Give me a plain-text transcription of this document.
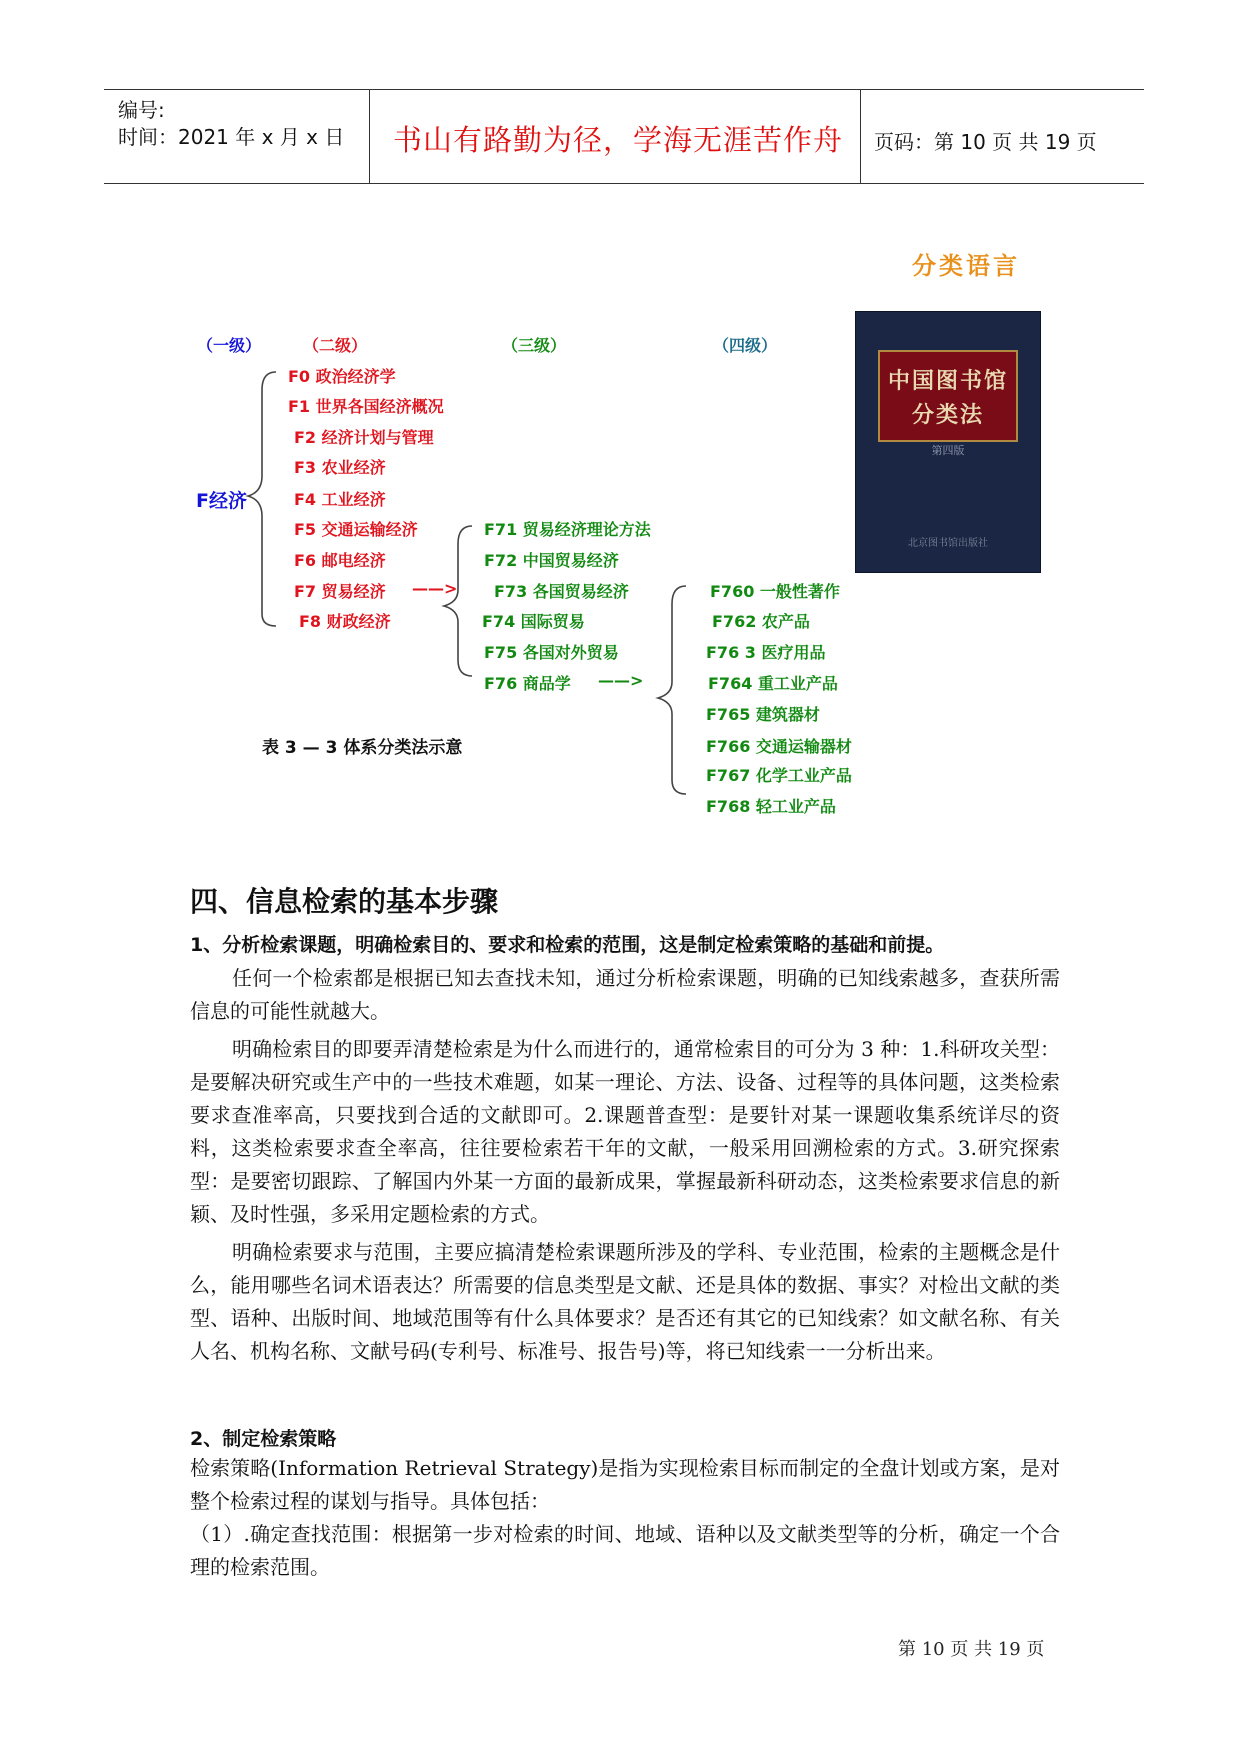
编号:
时间：2021 年 x 月 x 日 书山有路勤为径，学海无涯苦作舟 页码：第 10 页 共 19 页
分类语言
（一级）	（二级）	（三级）	（四级）
F经济
F0 政治经济学
F1 世界各国经济概况
F2 经济计划与管理
F3 农业经济
F4 工业经济
F5 交通运输经济
F6 邮电经济
F7 贸易经济 ——>
F8 财政经济
F71 贸易经济理论方法
F72 中国贸易经济
F73 各国贸易经济
F74 国际贸易
F75 各国对外贸易
F76 商品学 ——>
F760 一般性著作
F762 农产品
F76 3 医疗用品
F764 重工业产品
F765 建筑器材
F766 交通运输器材
F767 化学工业产品
F768 轻工业产品
表 3 — 3 体系分类法示意
中国图书馆
分类法
第四版
北京图书馆出版社
四、信息检索的基本步骤
1、分析检索课题，明确检索目的、要求和检索的范围，这是制定检索策略的基础和前提。

任何一个检索都是根据已知去查找未知，通过分析检索课题，明确的已知线索越多，查获所需信息的可能性就越大。

明确检索目的即要弄清楚检索是为什么而进行的，通常检索目的可分为 3 种：1.科研攻关型：是要解决研究或生产中的一些技术难题，如某一理论、方法、设备、过程等的具体问题，这类检索要求查准率高，只要找到合适的文献即可。2.课题普查型：是要针对某一课题收集系统详尽的资料，这类检索要求查全率高，往往要检索若干年的文献，一般采用回溯检索的方式。3.研究探索型：是要密切跟踪、了解国内外某一方面的最新成果，掌握最新科研动态，这类检索要求信息的新颖、及时性强，多采用定题检索的方式。

明确检索要求与范围，主要应搞清楚检索课题所涉及的学科、专业范围，检索的主题概念是什么，能用哪些名词术语表达？所需要的信息类型是文献、还是具体的数据、事实？对检出文献的类型、语种、出版时间、地域范围等有什么具体要求？是否还有其它的已知线索？如文献名称、有关人名、机构名称、文献号码(专利号、标准号、报告号)等，将已知线索一一分析出来。

2、制定检索策略

检索策略(Information Retrieval Strategy)是指为实现检索目标而制定的全盘计划或方案，是对整个检索过程的谋划与指导。具体包括：

（1）.确定查找范围：根据第一步对检索的时间、地域、语种以及文献类型等的分析，确定一个合理的检索范围。

第 10 页 共 19 页
